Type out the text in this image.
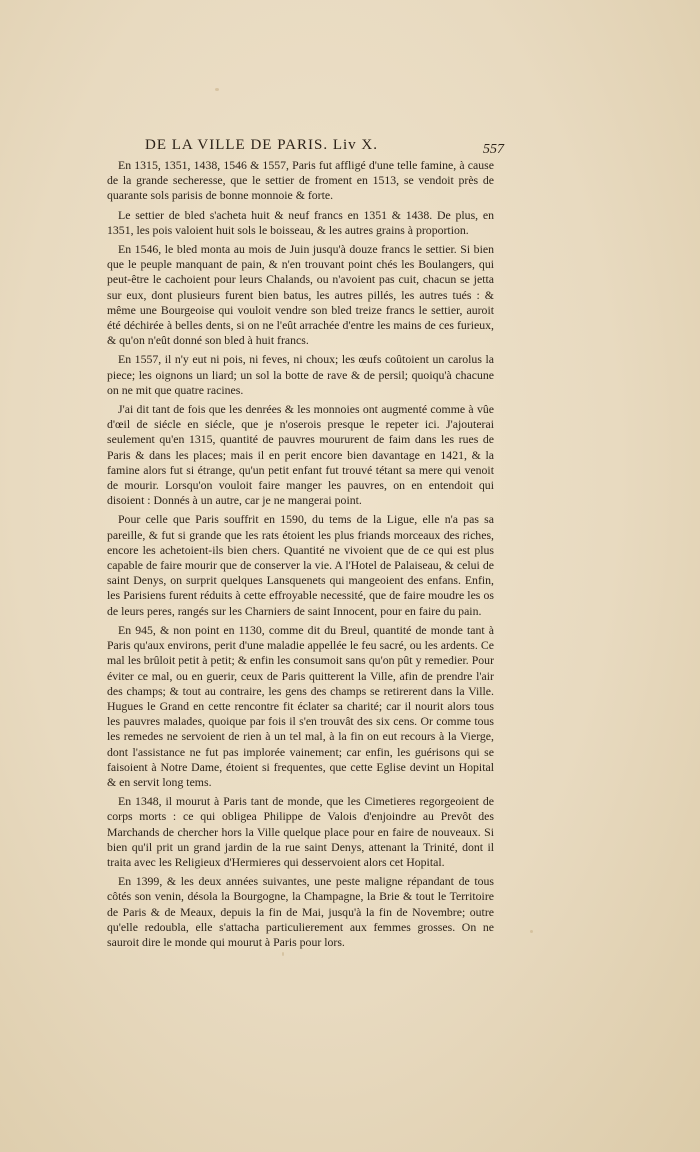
DE LA VILLE DE PARIS. Liv X.	557

En 1315, 1351, 1438, 1546 & 1557, Paris fut affligé d'une telle famine, à cause de la grande secheresse, que le settier de froment en 1513, se vendoit près de quarante sols parisis de bonne monnoie & forte.

Le settier de bled s'acheta huit & neuf francs en 1351 & 1438. De plus, en 1351, les pois valoient huit sols le boisseau, & les autres grains à proportion.

En 1546, le bled monta au mois de Juin jusqu'à douze francs le settier. Si bien que le peuple manquant de pain, & n'en trouvant point chés les Boulangers, qui peut-être le cachoient pour leurs Chalands, ou n'avoient pas cuit, chacun se jetta sur eux, dont plusieurs furent bien batus, les autres pillés, les autres tués : & même une Bourgeoise qui vouloit vendre son bled treize francs le settier, auroit été déchirée à belles dents, si on ne l'eût arrachée d'entre les mains de ces furieux, & qu'on n'eût donné son bled à huit francs.

En 1557, il n'y eut ni pois, ni feves, ni choux; les œufs coûtoient un carolus la piece; les oignons un liard; un sol la botte de rave & de persil; quoiqu'à chacune on ne mit que quatre racines.

J'ai dit tant de fois que les denrées & les monnoies ont augmenté comme à vûe d'œil de siécle en siécle, que je n'oserois presque le repeter ici. J'ajouterai seulement qu'en 1315, quantité de pauvres moururent de faim dans les rues de Paris & dans les places; mais il en perit encore bien davantage en 1421, & la famine alors fut si étrange, qu'un petit enfant fut trouvé tétant sa mere qui venoit de mourir. Lorsqu'on vouloit faire manger les pauvres, on en entendoit qui disoient : Donnés à un autre, car je ne mangerai point.

Pour celle que Paris souffrit en 1590, du tems de la Ligue, elle n'a pas sa pareille, & fut si grande que les rats étoient les plus friands morceaux des riches, encore les achetoient-ils bien chers. Quantité ne vivoient que de ce qui est plus capable de faire mourir que de conserver la vie. A l'Hotel de Palaiseau, & celui de saint Denys, on surprit quelques Lansquenets qui mangeoient des enfans. Enfin, les Parisiens furent réduits à cette effroyable necessité, que de faire moudre les os de leurs peres, rangés sur les Charniers de saint Innocent, pour en faire du pain.

En 945, & non point en 1130, comme dit du Breul, quantité de monde tant à Paris qu'aux environs, perit d'une maladie appellée le feu sacré, ou les ardents. Ce mal les brûloit petit à petit; & enfin les consumoit sans qu'on pût y remedier. Pour éviter ce mal, ou en guerir, ceux de Paris quitterent la Ville, afin de prendre l'air des champs; & tout au contraire, les gens des champs se retirerent dans la Ville. Hugues le Grand en cette rencontre fit éclater sa charité; car il nourit alors tous les pauvres malades, quoique par fois il s'en trouvât des six cens. Or comme tous les remedes ne servoient de rien à un tel mal, à la fin on eut recours à la Vierge, dont l'assistance ne fut pas implorée vainement; car enfin, les guérisons qui se faisoient à Notre Dame, étoient si frequentes, que cette Eglise devint un Hopital & en servit long tems.

En 1348, il mourut à Paris tant de monde, que les Cimetieres regorgeoient de corps morts : ce qui obligea Philippe de Valois d'enjoindre au Prevôt des Marchands de chercher hors la Ville quelque place pour en faire de nouveaux. Si bien qu'il prit un grand jardin de la rue saint Denys, attenant la Trinité, dont il traita avec les Religieux d'Hermieres qui desservoient alors cet Hopital.

En 1399, & les deux années suivantes, une peste maligne répandant de tous côtés son venin, désola la Bourgogne, la Champagne, la Brie & tout le Territoire de Paris & de Meaux, depuis la fin de Mai, jusqu'à la fin de Novembre; outre qu'elle redoubla, elle s'attacha particulierement aux femmes grosses. On ne sauroit dire le monde qui mourut à Paris pour lors.
